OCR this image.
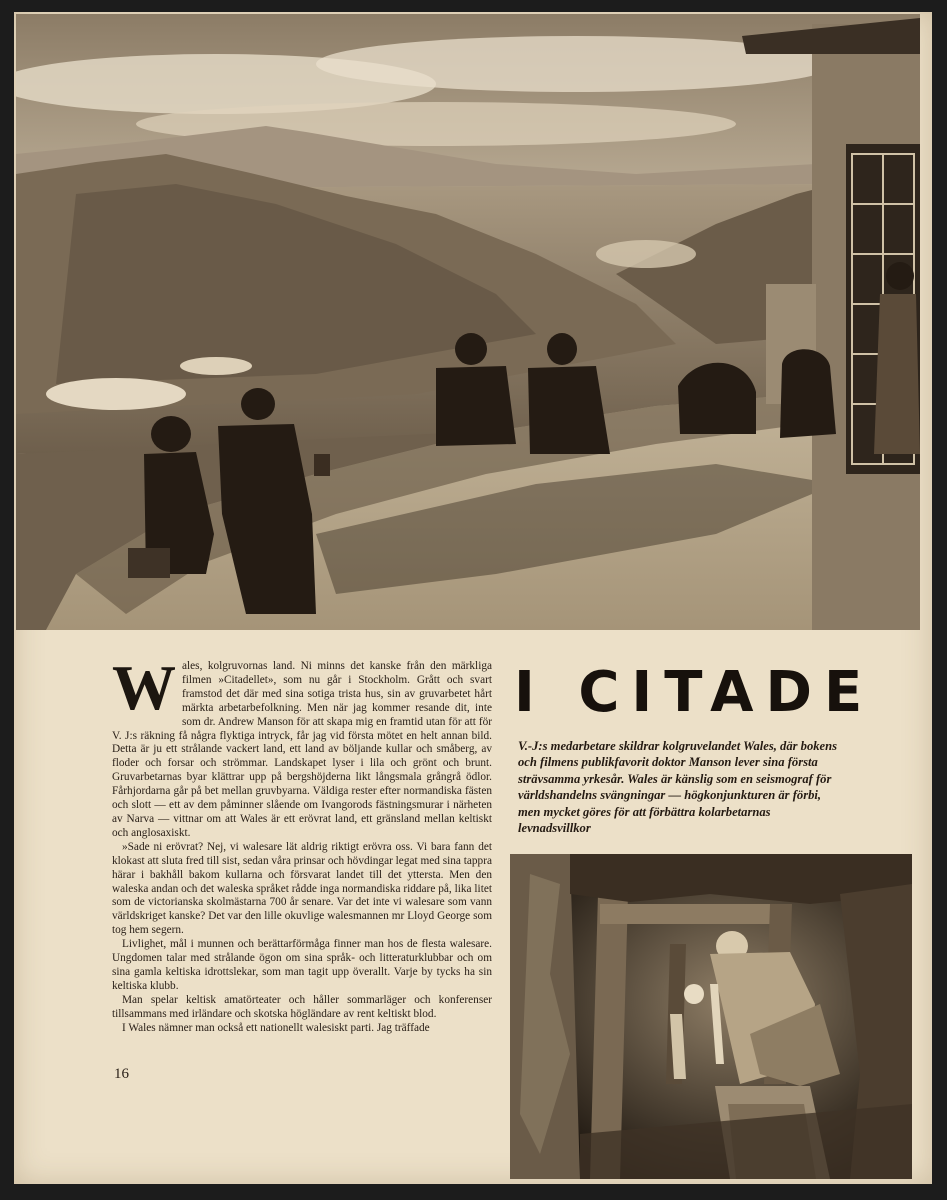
Wales, kolgruvornas land. Ni minns det kanske från den märkliga filmen »Citadellet», som nu går i Stockholm. Grått och svart framstod det där med sina sotiga trista hus, sin av gruvarbetet hårt märkta arbetarbefolkning. Men när jag kommer resande dit, inte som dr. Andrew Manson för att skapa mig en framtid utan för att för V. J:s räkning få några flyktiga intryck, får jag vid första mötet en helt annan bild. Detta är ju ett strålande vackert land, ett land av böljande kullar och småberg, av floder och forsar och strömmar. Landskapet lyser i lila och grönt och brunt. Gruvarbetarnas byar klättrar upp på bergshöjderna likt långsmala grångrå ödlor. Fårhjordarna går på bet mellan gruvbyarna. Väldiga rester efter normandiska fästen och slott — ett av dem påminner slående om Ivangorods fästningsmurar i närheten av Narva — vittnar om att Wales är ett erövrat land, ett gränsland mellan keltiskt och anglosaxiskt.

»Sade ni erövrat? Nej, vi walesare lät aldrig riktigt erövra oss. Vi bara fann det klokast att sluta fred till sist, sedan våra prinsar och hövdingar legat med sina tappra härar i bakhåll bakom kullarna och försvarat landet till det yttersta. Men den waleska andan och det waleska språket rådde inga normandiska riddare på, lika litet som de victorianska skolmästarna 700 år senare. Var det inte vi walesare som vann världskriget kanske? Det var den lille okuvlige walesmannen mr Lloyd George som tog hem segern.

Livlighet, mål i munnen och berättarförmåga finner man hos de flesta walesare. Ungdomen talar med strålande ögon om sina språk- och litteraturklubbar och om sina gamla keltiska idrottslekar, som man tagit upp överallt. Varje by tycks ha sin keltiska klubb.

Man spelar keltisk amatörteater och håller sommarläger och konferenser tillsammans med irländare och skotska högländare av rent keltiskt blod.

I Wales nämner man också ett nationellt walesiskt parti. Jag träffade

16
I CITADE
V.-J:s medarbetare skildrar kolgruvelandet Wales, där bokens och filmens publikfavorit doktor Manson lever sina första strävsamma yrkesår. Wales är känslig som en seismograf för världshandelns svängningar — högkonjunkturen är förbi, men mycket göres för att förbättra kolarbetarnas levnadsvillkor
